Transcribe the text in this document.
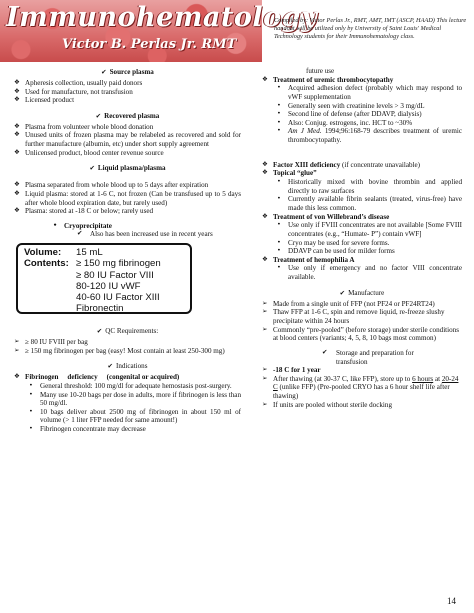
Immunohematology
Victor B. Perlas Jr. RMT
Compiled by: Victor Perlas Jr., RMT, AMT, IMT (ASCP, HAAD) This lecture handout will be utilized only by University of Saint Louis' Medical Technology students for their Immunohematology class.
✔ Source plasma
❖ Apheresis collection, usually paid donors
❖ Used for manufacture, not transfusion
❖ Licensed product
✔ Recovered plasma
❖ Plasma from volunteer whole blood donation
❖ Unused units of frozen plasma may be relabeled as recovered and sold for further manufacture (albumin, etc) under short supply agreement
❖ Unlicensed product, blood center revenue source
✔ Liquid plasma/plasma
❖ Plasma separated from whole blood up to 5 days after expiration
❖ Liquid plasma: stored at 1-6 C, not frozen (Can be transfused up to 5 days after whole blood expiration date, but rarely used)
❖ Plasma: stored at -18 C or below; rarely used
• Cryoprecipitate
✔ Also has been increased use in recent years
Volume:	15 mL
Contents: ≥ 150 mg fibrinogen
≥ 80 IU Factor VIII
80-120 IU vWF
40-60 IU Factor XIII
Fibronectin
✔ QC Requirements:
➢ ≥ 80 IU FVIII per bag
➢ ≥ 150 mg fibrinogen per bag (easy! Most contain at least 250-300 mg)
✔ Indications
❖ Fibrinogen deficiency (congenital or acquired)
• General threshold: 100 mg/dl for adequate hemostasis post-surgery.
• Many use 10-20 bags per dose in adults, more if fibrinogen is less than 50 mg/dl.
• 10 bags deliver about 2500 mg of fibrinogen in about 150 ml of volume (> 1 liter FFP needed for same amount!)
• Fibrinogen concentrate may decrease
future use
❖ Treatment of uremic thrombocytopathy
• Acquired adhesion defect (probably which may respond to vWF supplementation
• Generally seen with creatinine levels > 3 mg/dL
• Second line of defense (after DDAVP, dialysis)
• Also: Conjug. estrogens, inc. HCT to ~30%
• Am J Med. 1994;96:168-79 describes treatment of uremic thrombocytopathy.
❖ Factor XIII deficiency (if concentrate unavailable)
❖ Topical “glue”
• Historically mixed with bovine thrombin and applied directly to raw surfaces
• Currently available fibrin sealants (treated, virus-free) have made this less common.
❖ Treatment of von Willebrand’s disease
• Use only if FVIII concentrates are not available [Some FVIII concentrates (e.g., “Humate- P”) contain vWF]
• Cryo may be used for severe forms.
• DDAVP can be used for milder forms
❖ Treatment of hemophilia A
• Use only if emergency and no factor VIII concentrate available.
✔ Manufacture
➢ Made from a single unit of FFP (not PF24 or PF24RT24)
➢ Thaw FFP at 1-6 C, spin and remove liquid, re-freeze slushy precipitate within 24 hours
➢ Commonly “pre-pooled” (before storage) under sterile conditions at blood centers (variants; 4, 5, 8, 10 bags most common)
✔ Storage and preparation for
transfusion
➢ -18 C for 1 year
➢ After thawing (at 30-37 C, like FFP), store up to 6 hours at 20-24 C (unlike FFP) (Pre-pooled CRYO has a 6 hour shelf life after thawing)
➢ If units are pooled without sterile docking
14
